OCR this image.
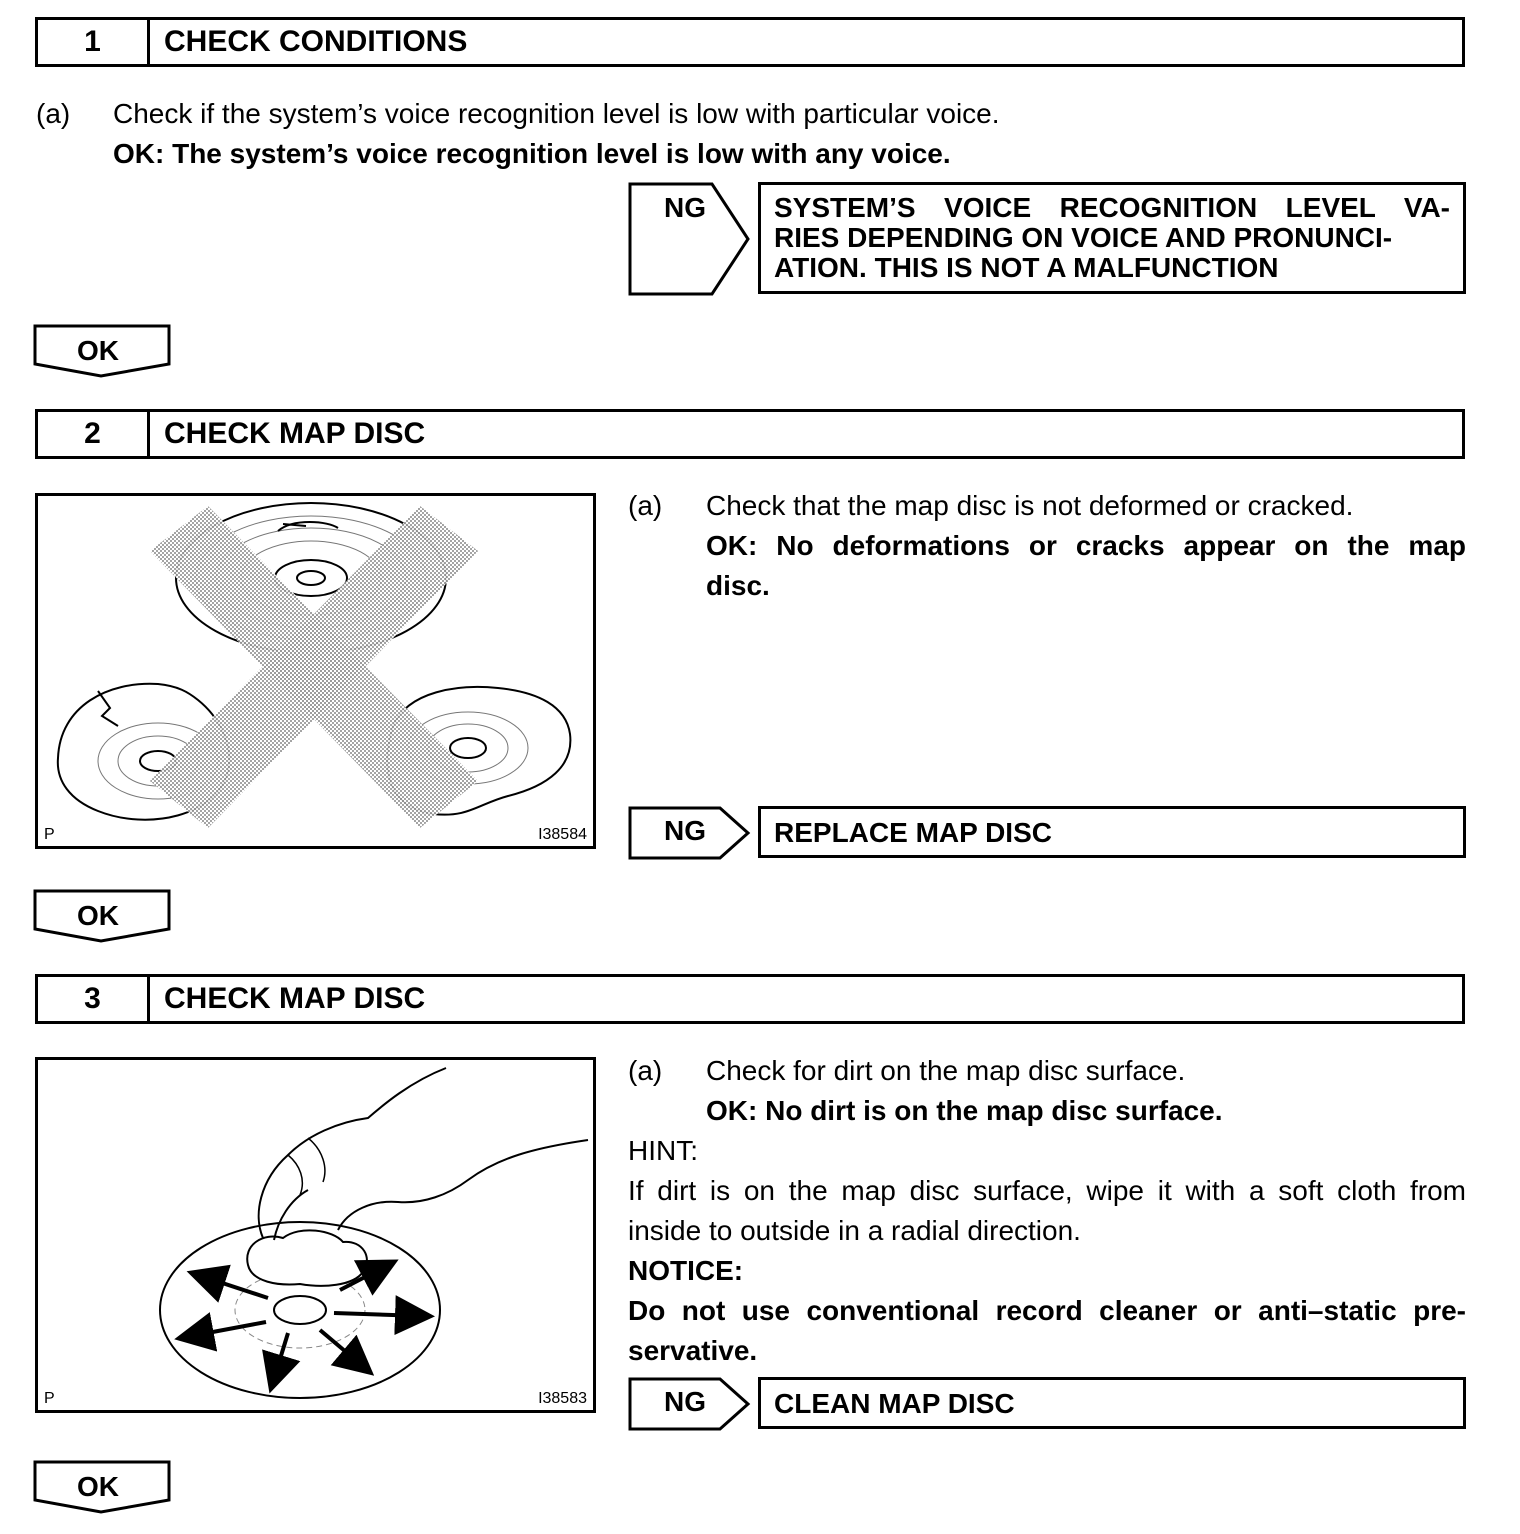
1	CHECK CONDITIONS
(a) Check if the system’s voice recognition level is low with particular voice.
OK: The system’s voice recognition level is low with any voice.
NG SYSTEM’S VOICE RECOGNITION LEVEL VA-
RIES DEPENDING ON VOICE AND PRONUNCI-
ATION. THIS IS NOT A MALFUNCTION
OK
2	CHECK MAP DISC
P	I38584
(a) Check that the map disc is not deformed or cracked.
OK: No deformations or cracks appear on the map
disc.
NG REPLACE MAP DISC
OK
3	CHECK MAP DISC
P	I38583
(a) Check for dirt on the map disc surface.
OK: No dirt is on the map disc surface.
HINT:
If dirt is on the map disc surface, wipe it with a soft cloth from
inside to outside in a radial direction.
NOTICE:
Do not use conventional record cleaner or anti–static pre-
servative.
NG CLEAN MAP DISC
OK
